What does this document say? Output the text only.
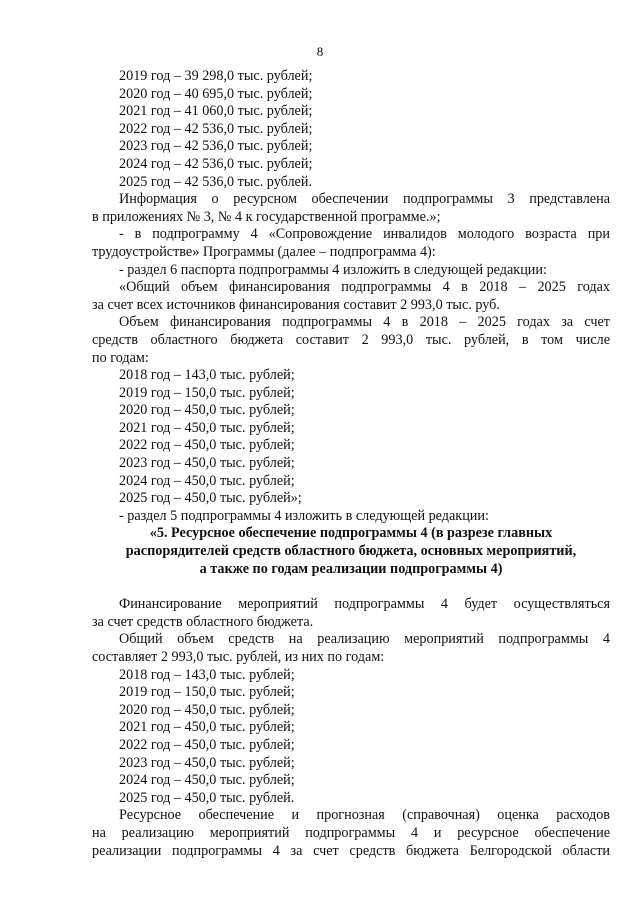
8
2019 год – 39 298,0 тыс. рублей;
2020 год – 40 695,0 тыс. рублей;
2021 год – 41 060,0 тыс. рублей;
2022 год – 42 536,0 тыс. рублей;
2023 год – 42 536,0 тыс. рублей;
2024 год – 42 536,0 тыс. рублей;
2025 год – 42 536,0 тыс. рублей.
Информация о ресурсном обеспечении подпрограммы 3 представлена
в приложениях № 3, № 4 к государственной программе.»;
- в подпрограмму 4 «Сопровождение инвалидов молодого возраста при
трудоустройстве» Программы (далее – подпрограмма 4):
- раздел 6 паспорта подпрограммы 4 изложить в следующей редакции:
«Общий объем финансирования подпрограммы 4 в 2018 – 2025 годах
за счет всех источников финансирования составит 2 993,0 тыс. руб.
Объем финансирования подпрограммы 4 в 2018 – 2025 годах за счет
средств областного бюджета составит 2 993,0 тыс. рублей, в том числе
по годам:
2018 год – 143,0 тыс. рублей;
2019 год – 150,0 тыс. рублей;
2020 год – 450,0 тыс. рублей;
2021 год – 450,0 тыс. рублей;
2022 год – 450,0 тыс. рублей;
2023 год – 450,0 тыс. рублей;
2024 год – 450,0 тыс. рублей;
2025 год – 450,0 тыс. рублей»;
- раздел 5 подпрограммы 4 изложить в следующей редакции:
«5. Ресурсное обеспечение подпрограммы 4 (в разрезе главных
распорядителей средств областного бюджета, основных мероприятий,
а также по годам реализации подпрограммы 4)
Финансирование мероприятий подпрограммы 4 будет осуществляться
за счет средств областного бюджета.
Общий объем средств на реализацию мероприятий подпрограммы 4
составляет 2 993,0 тыс. рублей, из них по годам:
2018 год – 143,0 тыс. рублей;
2019 год – 150,0 тыс. рублей;
2020 год – 450,0 тыс. рублей;
2021 год – 450,0 тыс. рублей;
2022 год – 450,0 тыс. рублей;
2023 год – 450,0 тыс. рублей;
2024 год – 450,0 тыс. рублей;
2025 год – 450,0 тыс. рублей.
Ресурсное обеспечение и прогнозная (справочная) оценка расходов
на реализацию мероприятий подпрограммы 4 и ресурсное обеспечение
реализации подпрограммы 4 за счет средств бюджета Белгородской области
